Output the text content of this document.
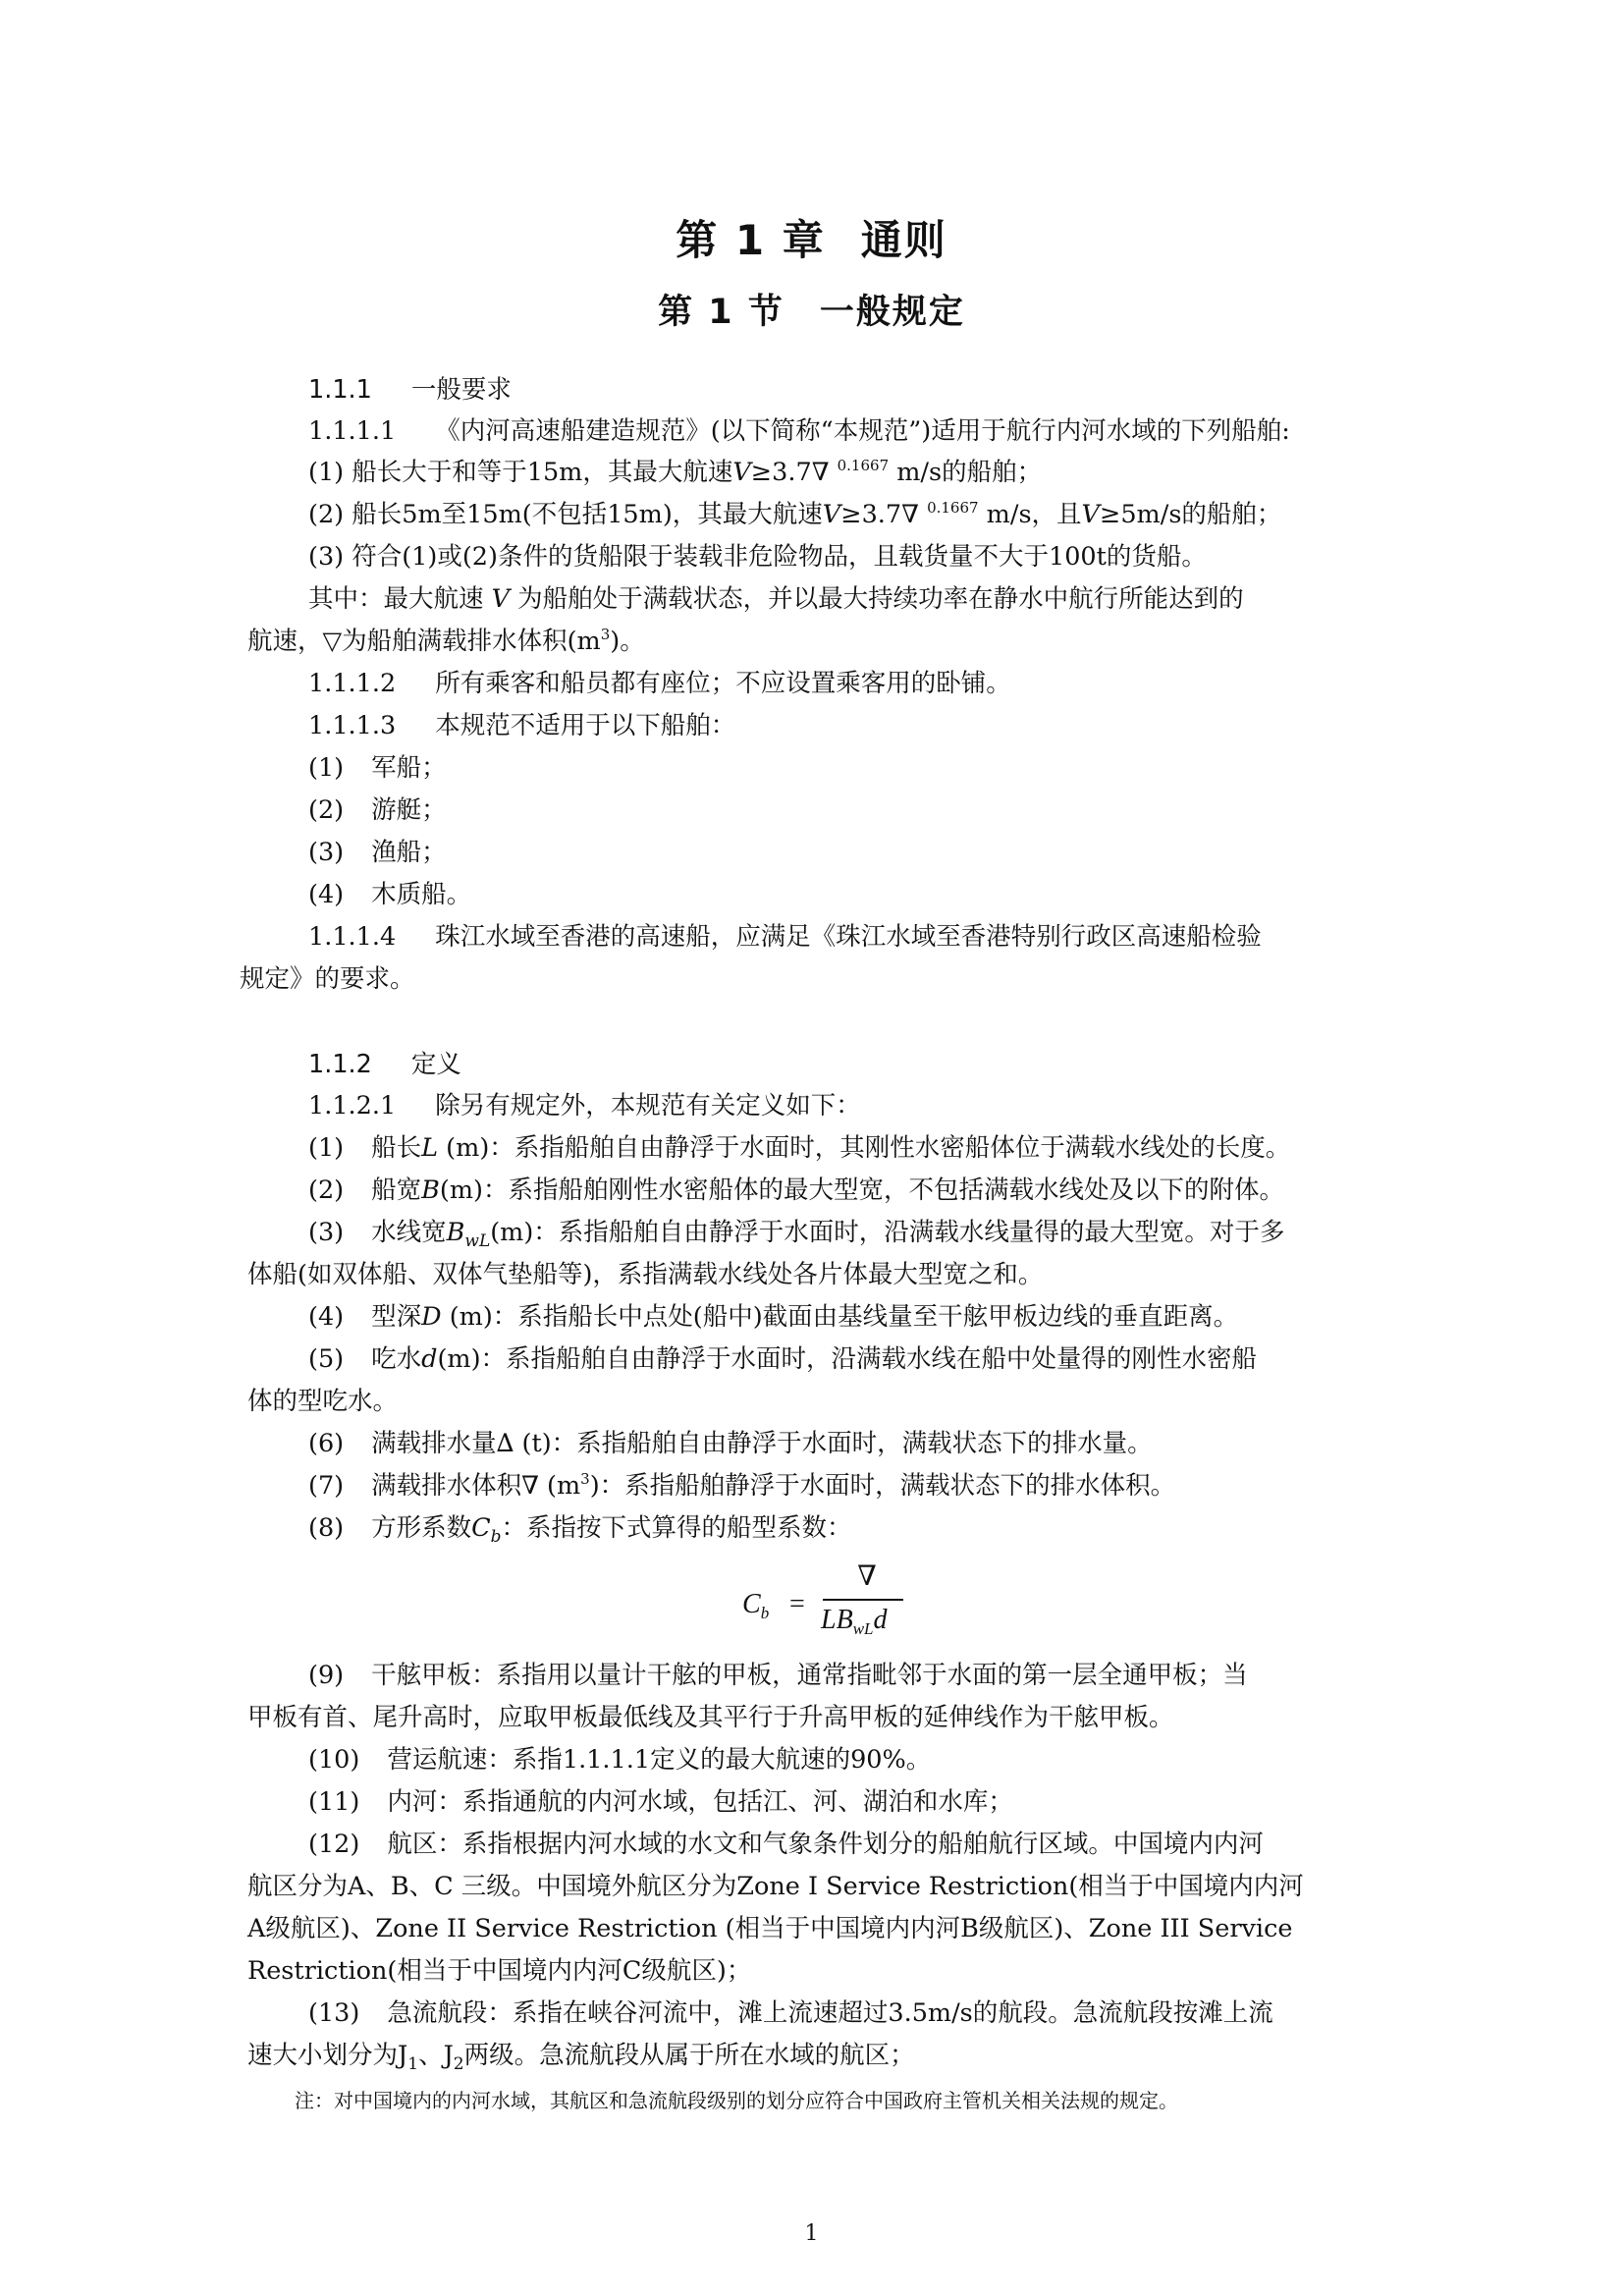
第 1 章 通则
第 1 节 一般规定
1.1.1 一般要求
1.1.1.1 《内河高速船建造规范》(以下简称“本规范”)适用于航行内河水域的下列船舶:
(1) 船长大于和等于15m，其最大航速V≥3.7∇ $^{0.1667}$ m/s的船舶；
(2) 船长5m至15m(不包括15m)，其最大航速V≥3.7∇ $^{0.1667}$ m/s，且V≥5m/s的船舶；
(3) 符合(1)或(2)条件的货船限于装载非危险物品，且载货量不大于100t的货船。
其中：最大航速 V 为船舶处于满载状态，并以最大持续功率在静水中航行所能达到的
航速，▽为船舶满载排水体积$(m^3)$。
1.1.1.2 所有乘客和船员都有座位；不应设置乘客用的卧铺。
1.1.1.3 本规范不适用于以下船舶：
(1) 军船；
(2) 游艇；
(3) 渔船；
(4) 木质船。
1.1.1.4 珠江水域至香港的高速船，应满足《珠江水域至香港特别行政区高速船检验
规定》的要求。
1.1.2 定义
1.1.2.1 除另有规定外，本规范有关定义如下：
(1) 船长L (m)：系指船舶自由静浮于水面时，其刚性水密船体位于满载水线处的长度。
(2) 船宽B(m)：系指船舶刚性水密船体的最大型宽，不包括满载水线处及以下的附体。
(3) 水线宽$B_{wL}(m)$：系指船舶自由静浮于水面时，沿满载水线量得的最大型宽。对于多
体船(如双体船、双体气垫船等)，系指满载水线处各片体最大型宽之和。
(4) 型深D (m)：系指船长中点处(船中)截面由基线量至干舷甲板边线的垂直距离。
(5) 吃水d(m)：系指船舶自由静浮于水面时，沿满载水线在船中处量得的刚性水密船
体的型吃水。
(6) 满载排水量∆ (t)：系指船舶自由静浮于水面时，满载状态下的排水量。
(7) 满载排水体积∇ $(m^3)$：系指船舶静浮于水面时，满载状态下的排水体积。
(8) 方形系数$C_b$：系指按下式算得的船型系数：
$C_b$ =
∇
$LB_{wL}d$
(9) 干舷甲板：系指用以量计干舷的甲板，通常指毗邻于水面的第一层全通甲板；当
甲板有首、尾升高时，应取甲板最低线及其平行于升高甲板的延伸线作为干舷甲板。
(10) 营运航速：系指1.1.1.1定义的最大航速的90%。
(11) 内河：系指通航的内河水域，包括江、河、湖泊和水库；
(12) 航区：系指根据内河水域的水文和气象条件划分的船舶航行区域。中国境内内河
航区分为A、B、C 三级。中国境外航区分为Zone I Service Restriction(相当于中国境内内河
A级航区)、Zone II Service Restriction (相当于中国境内内河B级航区)、Zone III Service
Restriction(相当于中国境内内河C级航区)；
(13) 急流航段：系指在峡谷河流中，滩上流速超过3.5m/s的航段。急流航段按滩上流
速大小划分为$J_1$、$J_2$两级。急流航段从属于所在水域的航区；
注：对中国境内的内河水域，其航区和急流航段级别的划分应符合中国政府主管机关相关法规的规定。
1
